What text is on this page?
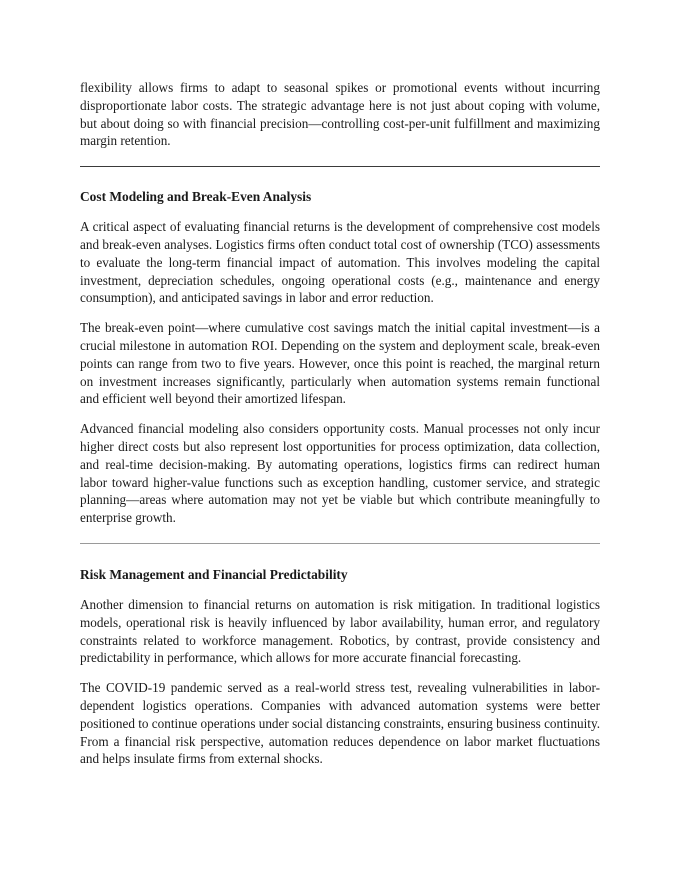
flexibility allows firms to adapt to seasonal spikes or promotional events without incurring disproportionate labor costs. The strategic advantage here is not just about coping with volume, but about doing so with financial precision—controlling cost-per-unit fulfillment and maximizing margin retention.

Cost Modeling and Break-Even Analysis

A critical aspect of evaluating financial returns is the development of comprehensive cost models and break-even analyses. Logistics firms often conduct total cost of ownership (TCO) assessments to evaluate the long-term financial impact of automation. This involves modeling the capital investment, depreciation schedules, ongoing operational costs (e.g., maintenance and energy consumption), and anticipated savings in labor and error reduction.

The break-even point—where cumulative cost savings match the initial capital investment—is a crucial milestone in automation ROI. Depending on the system and deployment scale, break-even points can range from two to five years. However, once this point is reached, the marginal return on investment increases significantly, particularly when automation systems remain functional and efficient well beyond their amortized lifespan.

Advanced financial modeling also considers opportunity costs. Manual processes not only incur higher direct costs but also represent lost opportunities for process optimization, data collection, and real-time decision-making. By automating operations, logistics firms can redirect human labor toward higher-value functions such as exception handling, customer service, and strategic planning—areas where automation may not yet be viable but which contribute meaningfully to enterprise growth.

Risk Management and Financial Predictability

Another dimension to financial returns on automation is risk mitigation. In traditional logistics models, operational risk is heavily influenced by labor availability, human error, and regulatory constraints related to workforce management. Robotics, by contrast, provide consistency and predictability in performance, which allows for more accurate financial forecasting.

The COVID-19 pandemic served as a real-world stress test, revealing vulnerabilities in labor-dependent logistics operations. Companies with advanced automation systems were better positioned to continue operations under social distancing constraints, ensuring business continuity. From a financial risk perspective, automation reduces dependence on labor market fluctuations and helps insulate firms from external shocks.
